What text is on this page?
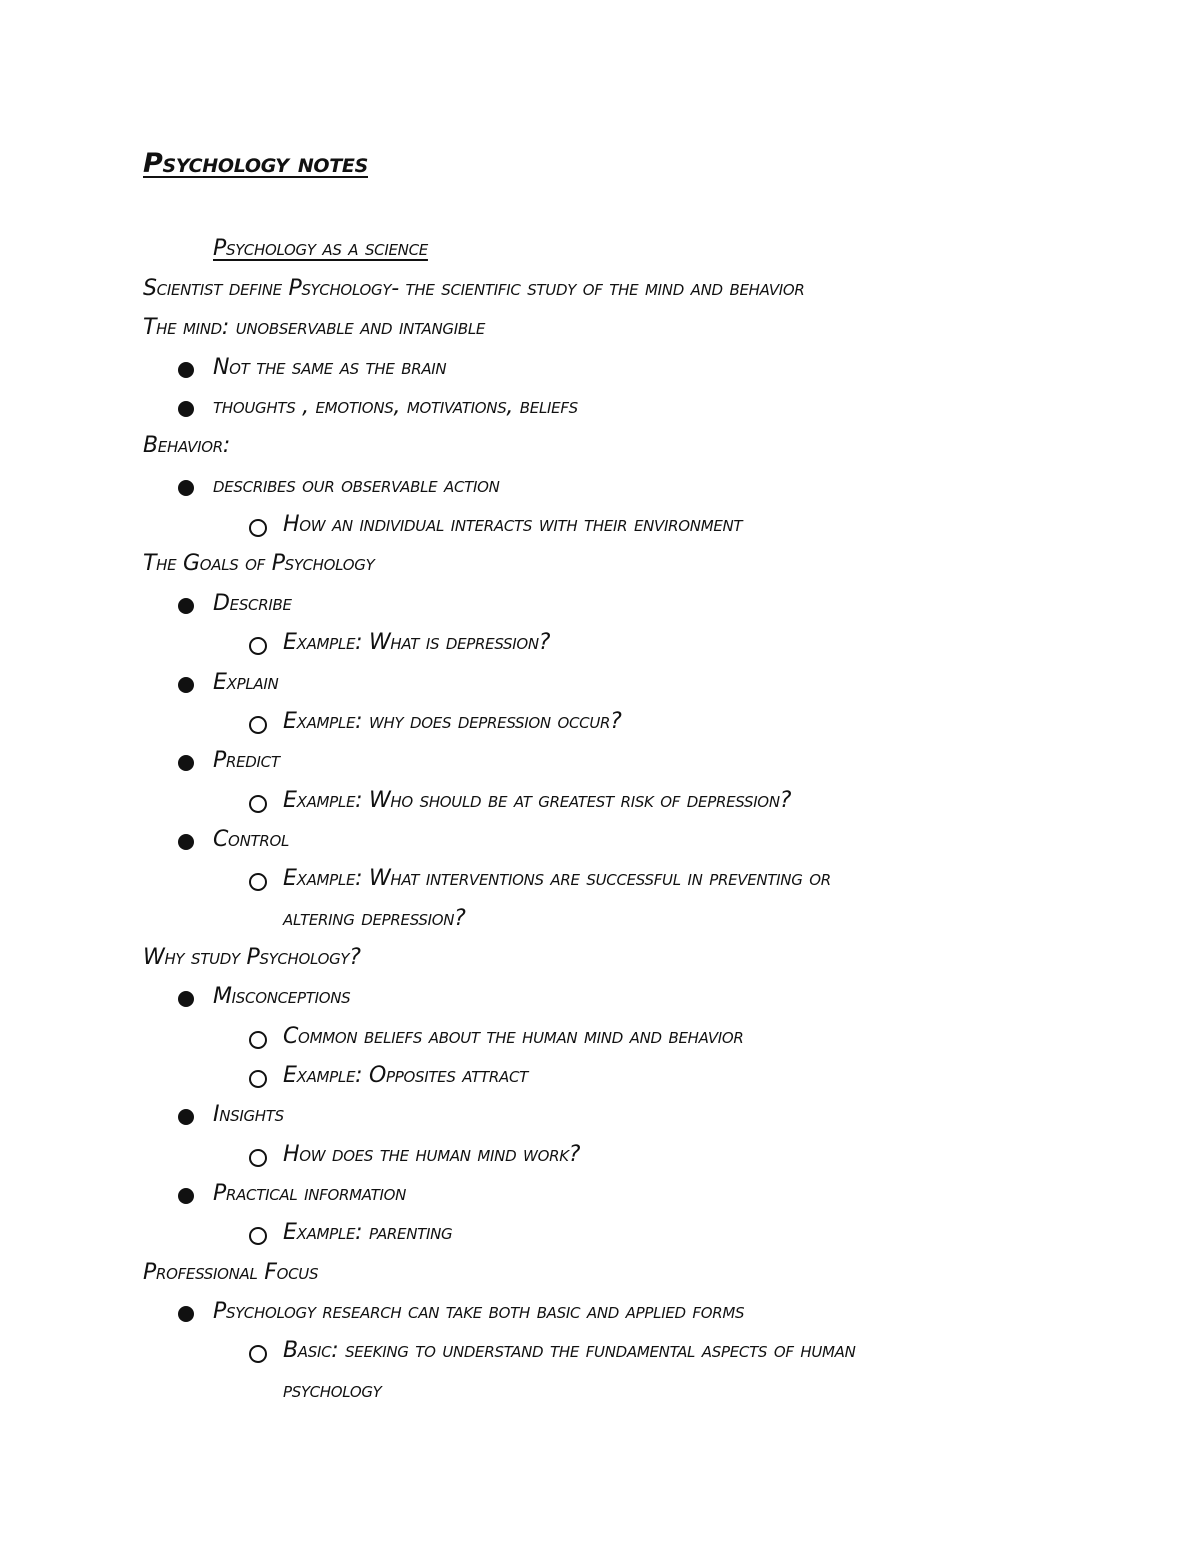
Psychology notes
Psychology as a science
Scientist define Psychology- the scientific study of the mind and behavior
The mind: unobservable and intangible
Not the same as the brain
thoughts , emotions, motivations, beliefs
Behavior:
describes our observable action
How an individual interacts with their environment
The Goals of Psychology
Describe
Example: What is depression?
Explain
Example: why does depression occur?
Predict
Example: Who should be at greatest risk of depression?
Control
Example: What interventions are successful in preventing or
altering depression?
Why study Psychology?
Misconceptions
Common beliefs about the human mind and behavior
Example: Opposites attract
Insights
How does the human mind work?
Practical information
Example: parenting
Professional Focus
Psychology research can take both basic and applied forms
Basic: seeking to understand the fundamental aspects of human
psychology
